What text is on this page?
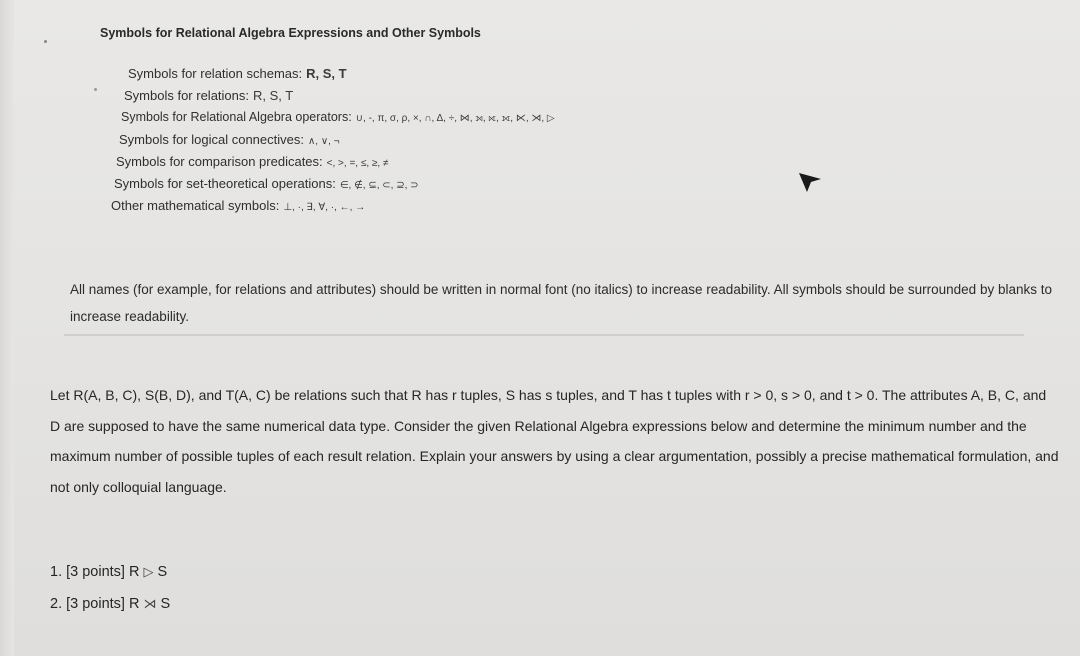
Symbols for Relational Algebra Expressions and Other Symbols
Symbols for relation schemas: R, S, T
Symbols for relations: R, S, T
Symbols for Relational Algebra operators: ∪, -, π, σ, ρ, ×, ∩, Δ, ÷, ⋈, ⟕, ⟖, ⟗, ⋉, ⋊, ▷
Symbols for logical connectives: ∧, ∨, ¬
Symbols for comparison predicates: <, >, =, ≤, ≥, ≠
Symbols for set-theoretical operations: ∈, ∉, ⊆, ⊂, ⊇, ⊃
Other mathematical symbols: ⊥, ·, ∃, ∀, ·, ←, →

All names (for example, for relations and attributes) should be written in normal font (no italics) to increase readability. All symbols should be surrounded by blanks to increase readability.

Let R(A, B, C), S(B, D), and T(A, C) be relations such that R has r tuples, S has s tuples, and T has t tuples with r > 0, s > 0, and t > 0. The attributes A, B, C, and D are supposed to have the same numerical data type. Consider the given Relational Algebra expressions below and determine the minimum number and the maximum number of possible tuples of each result relation. Explain your answers by using a clear argumentation, possibly a precise mathematical formulation, and not only colloquial language.

1. [3 points] R ▷ S
2. [3 points] R ⋊ S
